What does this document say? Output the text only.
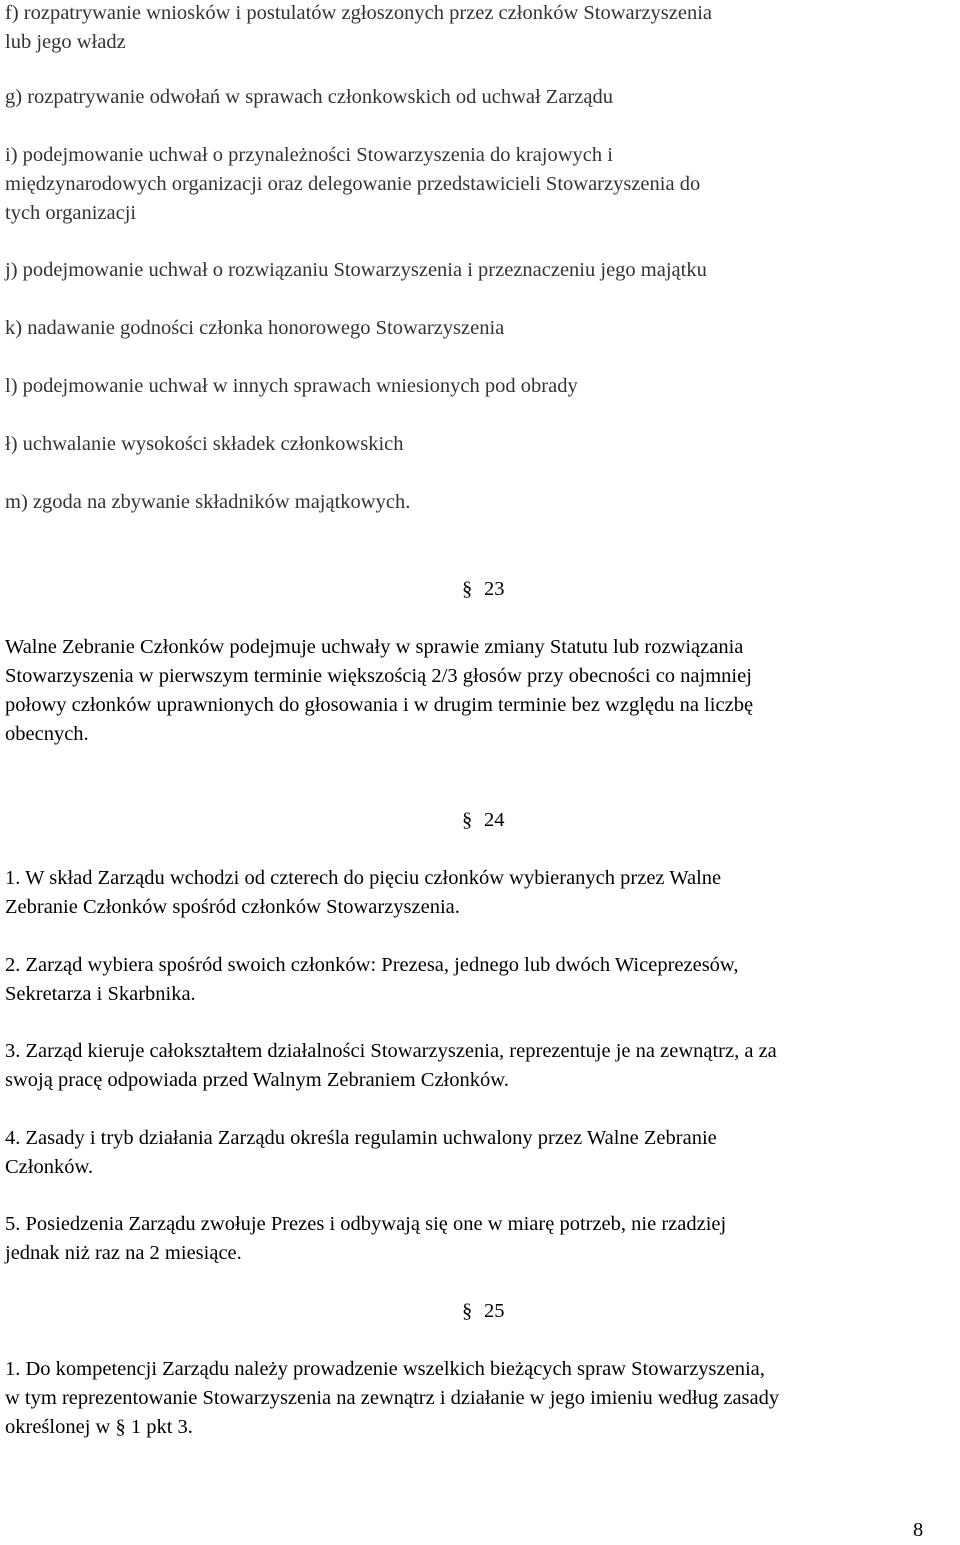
f) rozpatrywanie wniosków i postulatów zgłoszonych przez członków Stowarzyszenia
lub jego władz
g) rozpatrywanie odwołań w sprawach członkowskich od uchwał Zarządu
i) podejmowanie uchwał o przynależności Stowarzyszenia do krajowych i
międzynarodowych organizacji oraz delegowanie przedstawicieli Stowarzyszenia do
tych organizacji
j) podejmowanie uchwał o rozwiązaniu Stowarzyszenia i przeznaczeniu jego majątku
k) nadawanie godności członka honorowego Stowarzyszenia
l) podejmowanie uchwał w innych sprawach wniesionych pod obrady
ł) uchwalanie wysokości składek członkowskich
m) zgoda na zbywanie składników majątkowych.
§ 23
Walne Zebranie Członków podejmuje uchwały w sprawie zmiany Statutu lub rozwiązania
Stowarzyszenia w pierwszym terminie większością 2/3 głosów przy obecności co najmniej
połowy członków uprawnionych do głosowania i w drugim terminie bez względu na liczbę
obecnych.
§ 24
1. W skład Zarządu wchodzi od czterech do pięciu członków wybieranych przez Walne
Zebranie Członków spośród członków Stowarzyszenia.
2. Zarząd wybiera spośród swoich członków: Prezesa, jednego lub dwóch Wiceprezesów,
Sekretarza i Skarbnika.
3. Zarząd kieruje całokształtem działalności Stowarzyszenia, reprezentuje je na zewnątrz, a za
swoją pracę odpowiada przed Walnym Zebraniem Członków.
4. Zasady i tryb działania Zarządu określa regulamin uchwalony przez Walne Zebranie
Członków.
5. Posiedzenia Zarządu zwołuje Prezes i odbywają się one w miarę potrzeb, nie rzadziej
jednak niż raz na 2 miesiące.
§ 25
1. Do kompetencji Zarządu należy prowadzenie wszelkich bieżących spraw Stowarzyszenia,
w tym reprezentowanie Stowarzyszenia na zewnątrz i działanie w jego imieniu według zasady
określonej w § 1 pkt 3.
8
